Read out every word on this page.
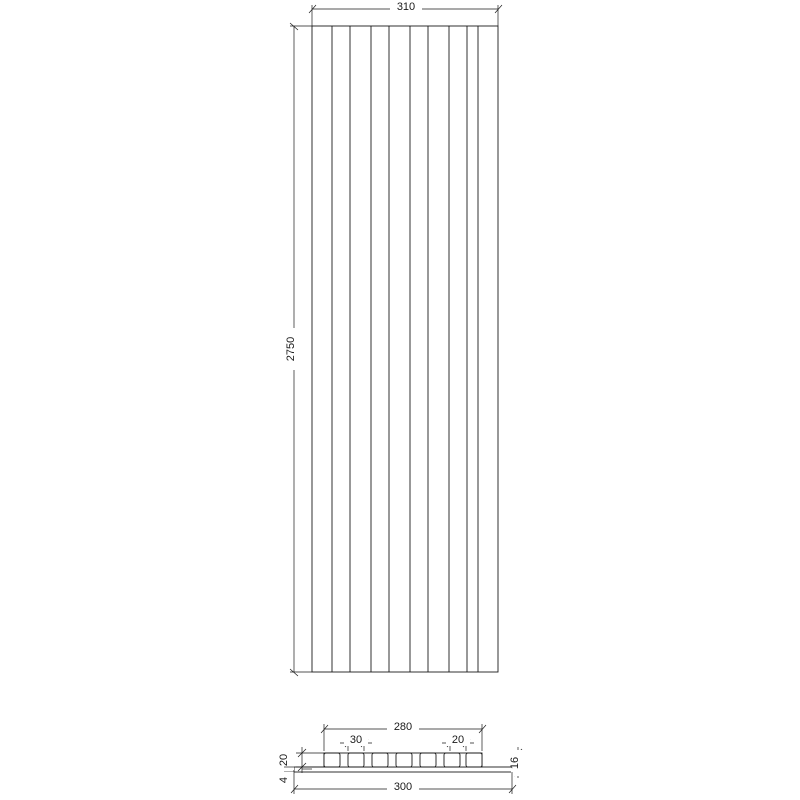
310
2750
280
30	20
16
20
4
300
